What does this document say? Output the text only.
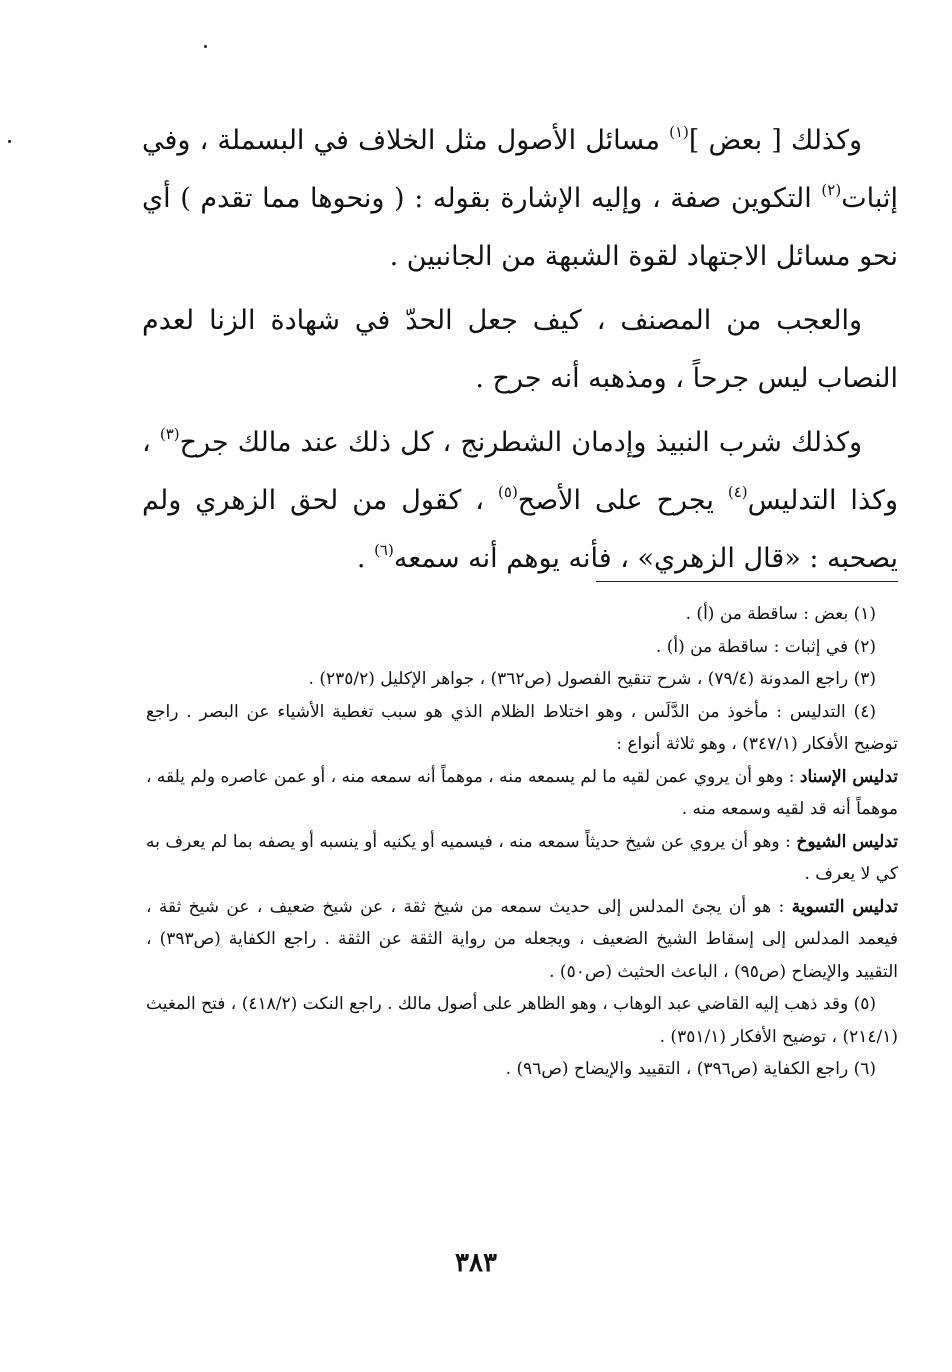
وكذلك [ بعض ]$^{(١)}$ مسائل الأصول مثل الخلاف في البسملة ، وفي إثبات$^{(٢)}$ التكوين صفة ، وإليه الإشارة بقوله : ( ونحوها مما تقدم ) أي نحو مسائل الاجتهاد لقوة الشبهة من الجانبين .

والعجب من المصنف ، كيف جعل الحدّ في شهادة الزنا لعدم النصاب ليس جرحاً ، ومذهبه أنه جرح .

وكذلك شرب النبيذ وإدمان الشطرنج ، كل ذلك عند مالك جرح$^{(٣)}$ ، وكذا التدليس$^{(٤)}$ يجرح على الأصح$^{(٥)}$ ، كقول من لحق الزهري ولم يصحبه : «قال الزهري» ، فأنه يوهم أنه سمعه$^{(٦)}$ .

(١) بعض : ساقطة من (أ) .

(٢) في إثبات : ساقطة من (أ) .

(٣) راجع المدونة (٧٩/٤) ، شرح تنقيح الفصول (ص٣٦٢) ، جواهر الإكليل (٢٣٥/٢) .

(٤) التدليس : مأخوذ من الدَّلَس ، وهو اختلاط الظلام الذي هو سبب تغطية الأشياء عن البصر . راجع توضيح الأفكار (٣٤٧/١) ، وهو ثلاثة أنواع :

تدليس الإسناد : وهو أن يروي عمن لقيه ما لم يسمعه منه ، موهماً أنه سمعه منه ، أو عمن عاصره ولم يلقه ، موهماً أنه قد لقيه وسمعه منه .

تدليس الشيوخ : وهو أن يروي عن شيخ حديثاً سمعه منه ، فيسميه أو يكنيه أو ينسبه أو يصفه بما لم يعرف به كي لا يعرف .

تدليس التسوية : هو أن يجئ المدلس إلى حديث سمعه من شيخ ثقة ، عن شيخ ضعيف ، عن شيخ ثقة ، فيعمد المدلس إلى إسقاط الشيخ الضعيف ، ويجعله من رواية الثقة عن الثقة . راجع الكفاية (ص٣٩٣) ، التقييد والإيضاح (ص٩٥) ، الباعث الحثيث (ص٥٠) .

(٥) وقد ذهب إليه القاضي عبد الوهاب ، وهو الظاهر على أصول مالك . راجع النكت (٤١٨/٢) ، فتح المغيث (٢١٤/١) ، توضيح الأفكار (٣٥١/١) .

(٦) راجع الكفاية (ص٣٩٦) ، التقييد والإيضاح (ص٩٦) .

٣٨٣
